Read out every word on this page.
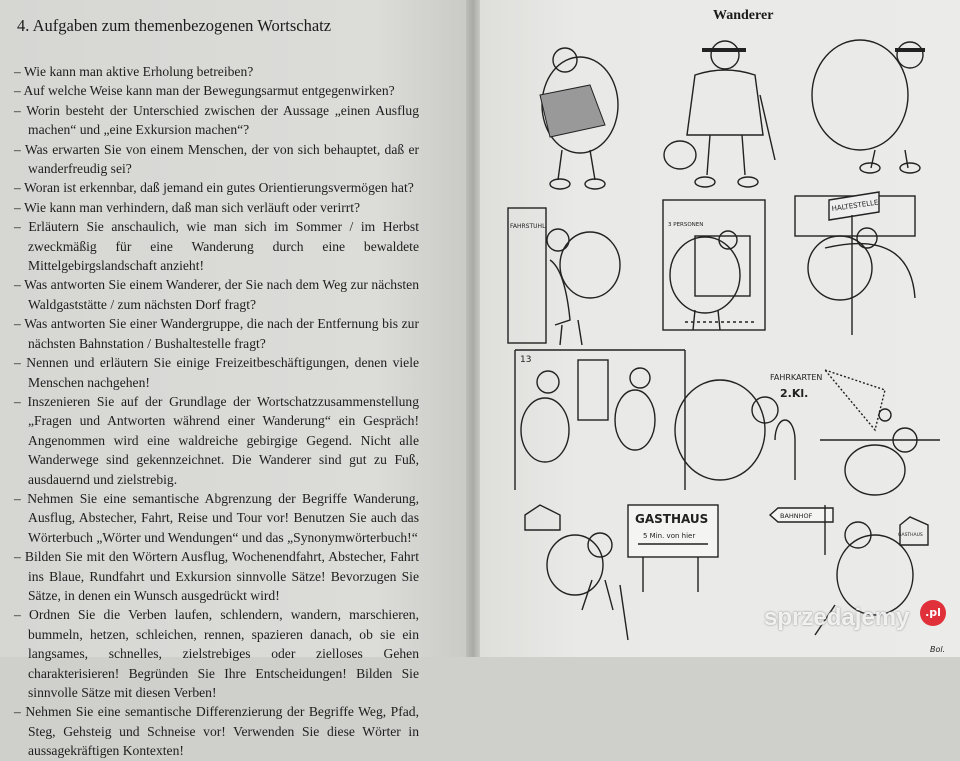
4. Aufgaben zum themenbezogenen Wortschatz
– Wie kann man aktive Erholung betreiben?
– Auf welche Weise kann man der Bewegungsarmut entgegenwirken?
– Worin besteht der Unterschied zwischen der Aussage „einen Ausflug machen“ und „eine Exkursion machen“?
– Was erwarten Sie von einem Menschen, der von sich behauptet, daß er wanderfreudig sei?
– Woran ist erkennbar, daß jemand ein gutes Orientierungsvermögen hat?
– Wie kann man verhindern, daß man sich verläuft oder verirrt?
– Erläutern Sie anschaulich, wie man sich im Sommer / im Herbst zweckmäßig für eine Wanderung durch eine bewaldete Mittelgebirgslandschaft anzieht!
– Was antworten Sie einem Wanderer, der Sie nach dem Weg zur nächsten Waldgaststätte / zum nächsten Dorf fragt?
– Was antworten Sie einer Wandergruppe, die nach der Entfernung bis zur nächsten Bahnstation / Bushaltestelle fragt?
– Nennen und erläutern Sie einige Freizeitbeschäftigungen, denen viele Menschen nachgehen!
– Inszenieren Sie auf der Grundlage der Wortschatzzusammenstellung „Fragen und Antworten während einer Wanderung“ ein Gespräch! Angenommen wird eine waldreiche gebirgige Gegend. Nicht alle Wanderwege sind gekennzeichnet. Die Wanderer sind gut zu Fuß, ausdauernd und zielstrebig.
– Nehmen Sie eine semantische Abgrenzung der Begriffe Wanderung, Ausflug, Abstecher, Fahrt, Reise und Tour vor! Benutzen Sie auch das Wörterbuch „Wörter und Wendungen“ und das „Synonymwörterbuch!“
– Bilden Sie mit den Wörtern Ausflug, Wochenendfahrt, Abstecher, Fahrt ins Blaue, Rundfahrt und Exkursion sinnvolle Sätze! Bevorzugen Sie Sätze, in denen ein Wunsch ausgedrückt wird!
– Ordnen Sie die Verben laufen, schlendern, wandern, marschieren, bummeln, hetzen, schleichen, rennen, spazieren danach, ob sie ein langsames, schnelles, zielstrebiges oder zielloses Gehen charakterisieren! Begründen Sie Ihre Entscheidungen! Bilden Sie sinnvolle Sätze mit diesen Verben!
– Nehmen Sie eine semantische Differenzierung der Begriffe Weg, Pfad, Steg, Gehsteig und Schneise vor! Verwenden Sie diese Wörter in aussagekräftigen Kontexten!
Wanderer
FAHRSTUHL	3 PERSONEN
HALTESTELLE
13
FAHRKARTEN
2.Kl.
GASTHAUS
5 Min. von hier
BAHNHOF
GASTHAUS
Bol.
sprzedajemy	.pl
